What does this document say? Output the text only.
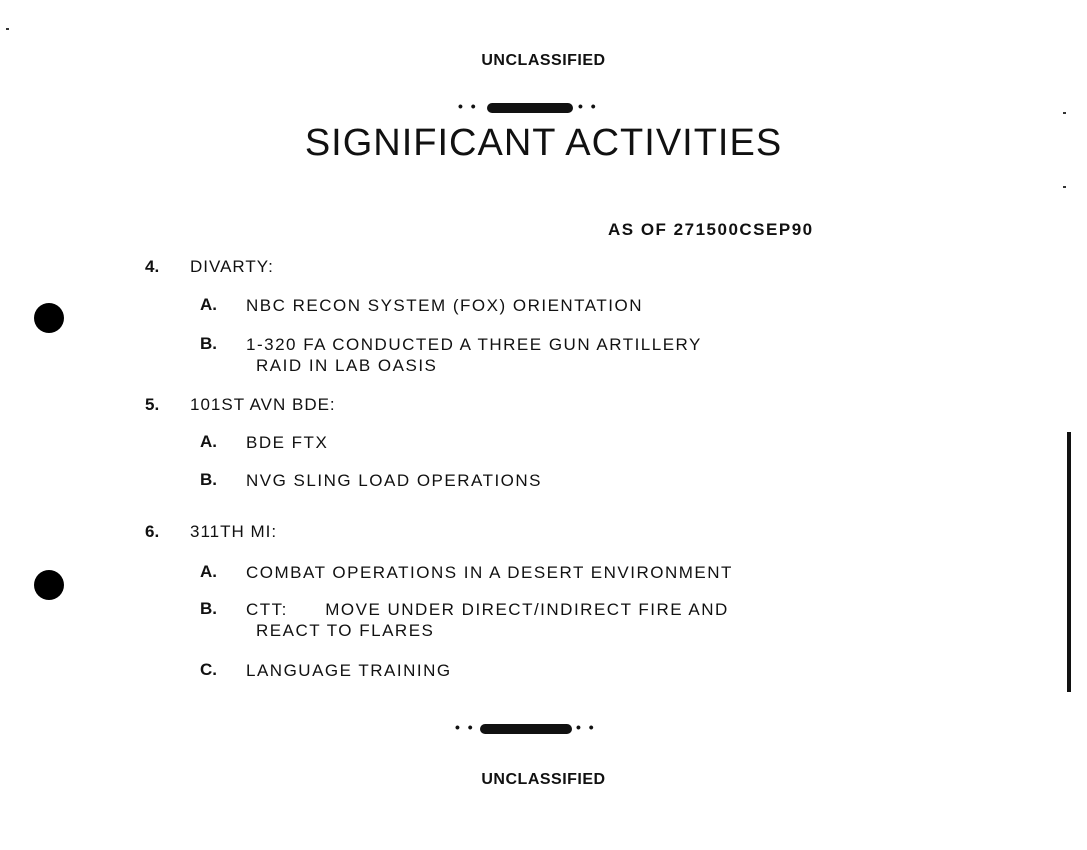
UNCLASSIFIED
• •	• •
SIGNIFICANT ACTIVITIES
AS OF 271500CSEP90
4. DIVARTY:
A. NBC RECON SYSTEM (FOX) ORIENTATION
B. 1-320 FA CONDUCTED A THREE GUN ARTILLERY
RAID IN LAB OASIS
5. 101ST AVN BDE:
A. BDE FTX
B. NVG SLING LOAD OPERATIONS
6. 311TH MI:
A. COMBAT OPERATIONS IN A DESERT ENVIRONMENT
B. CTT:      MOVE UNDER DIRECT/INDIRECT FIRE AND

REACT TO FLARES
C. LANGUAGE TRAINING
• •	• •
UNCLASSIFIED
